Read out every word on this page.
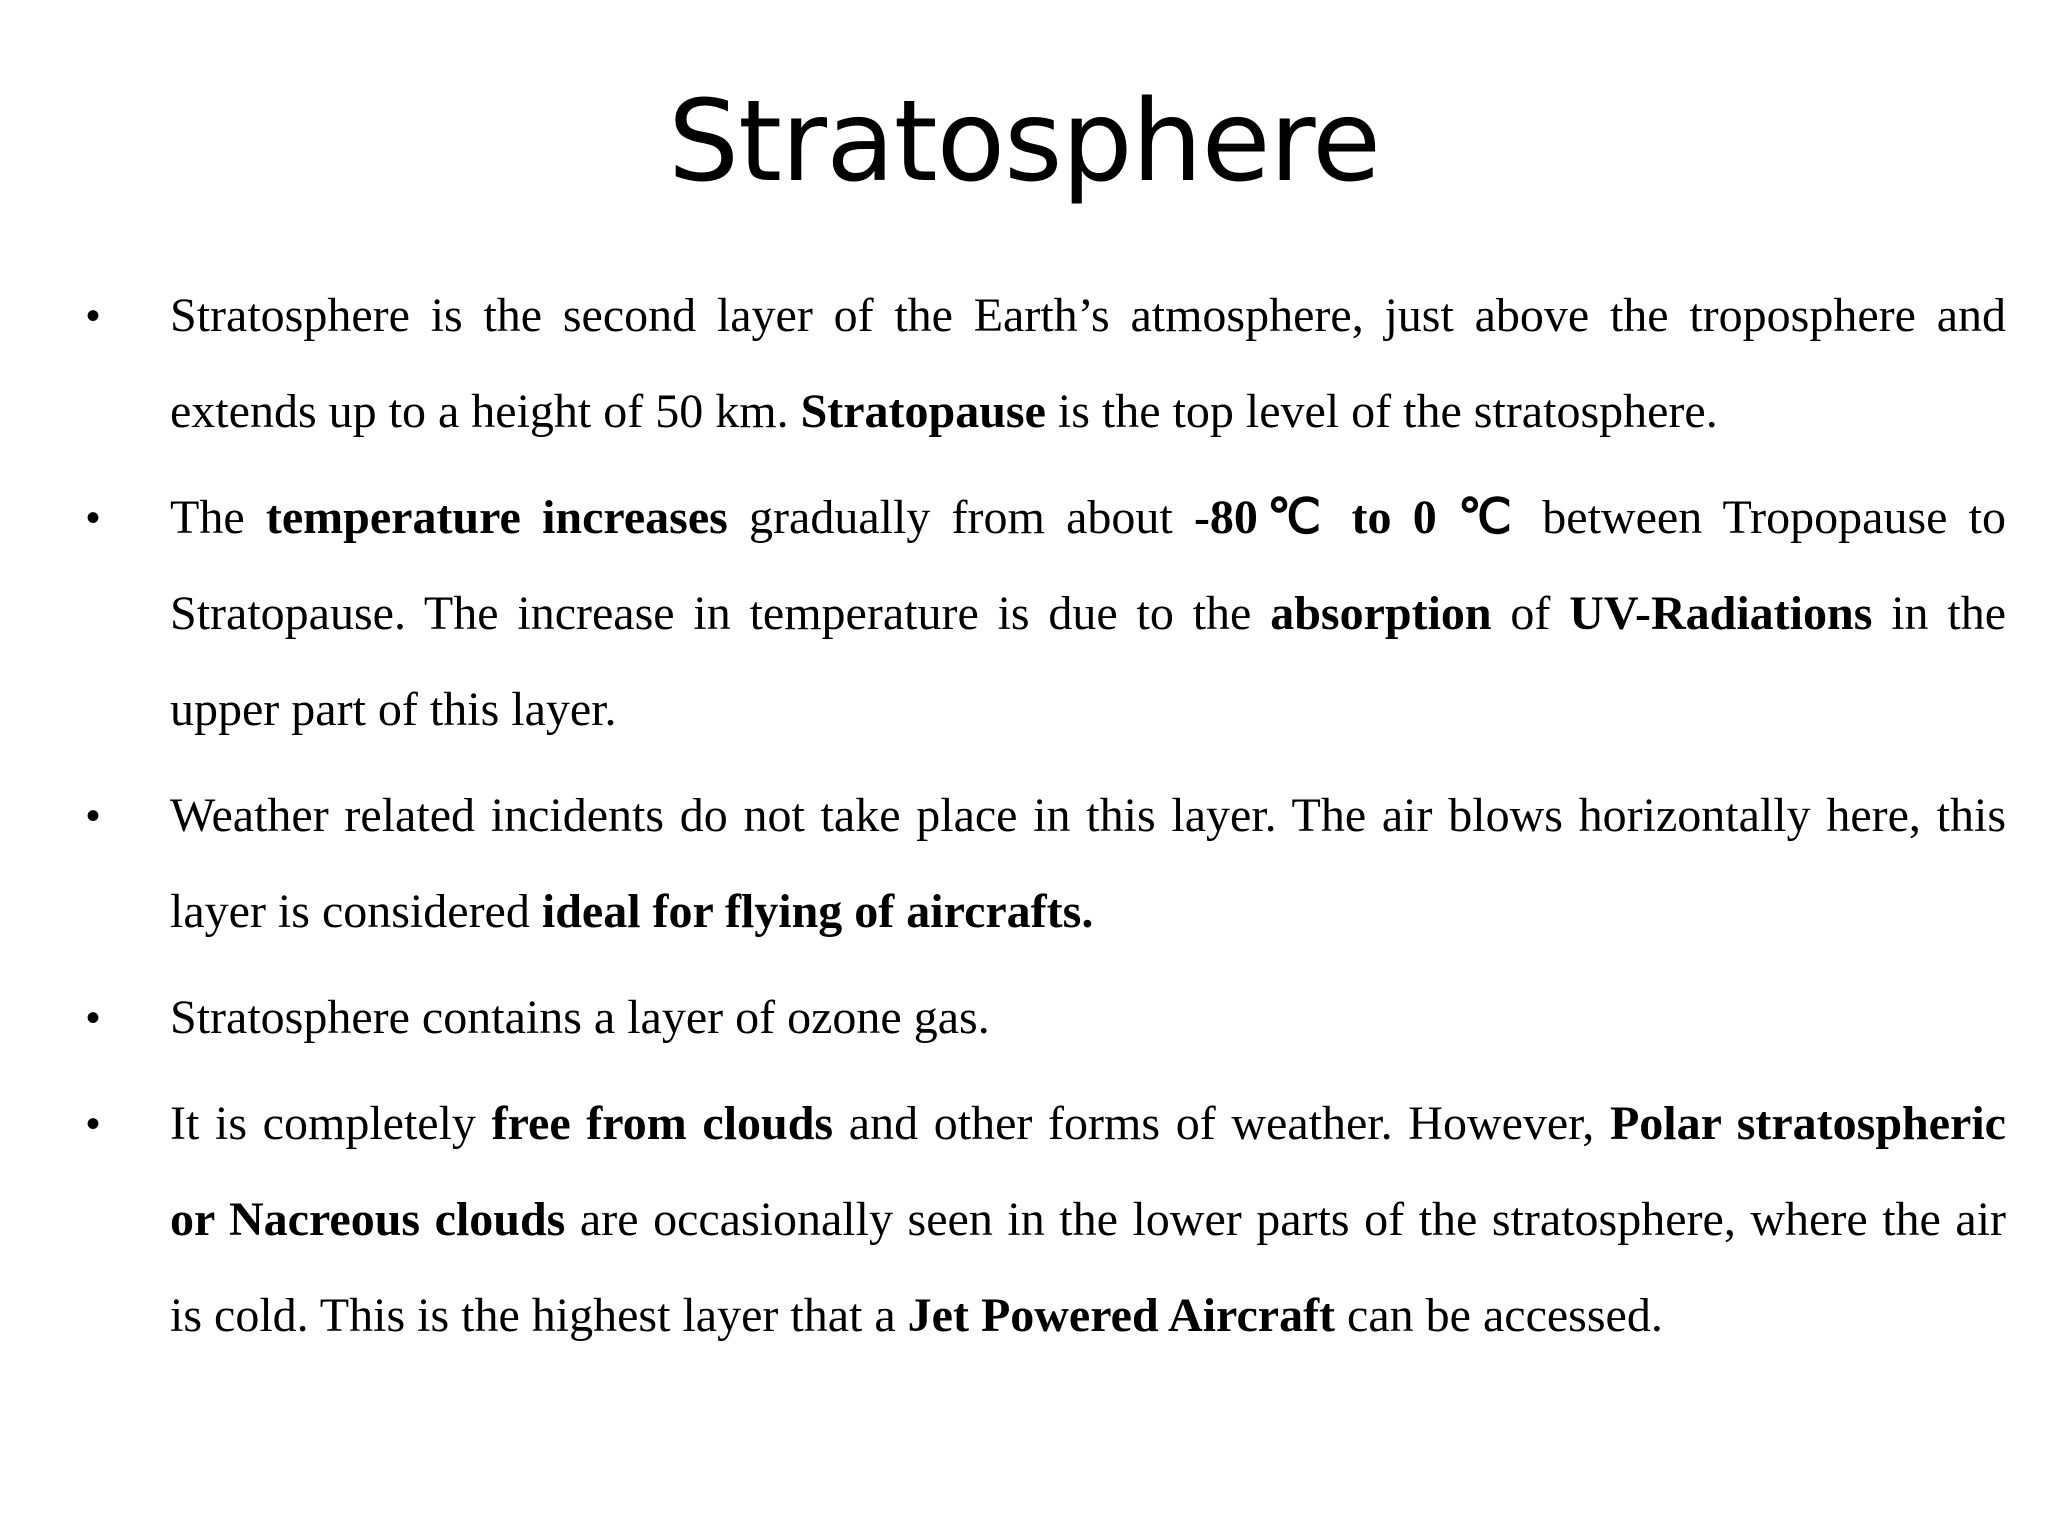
Stratosphere
•	Stratosphere is the second layer of the Earth’s atmosphere, just above the troposphere and extends up to a height of 50 km. Stratopause is the top level of the stratosphere.
•	The temperature increases gradually from about -80℃ to 0 ℃ between Tropopause to Stratopause. The increase in temperature is due to the absorption of UV-Radiations in the upper part of this layer.
•	Weather related incidents do not take place in this layer. The air blows horizontally here, this layer is considered ideal for flying of aircrafts.
•	Stratosphere contains a layer of ozone gas.
•	It is completely free from clouds and other forms of weather. However, Polar stratospheric or Nacreous clouds are occasionally seen in the lower parts of the stratosphere, where the air is cold. This is the highest layer that a Jet Powered Aircraft can be accessed.
